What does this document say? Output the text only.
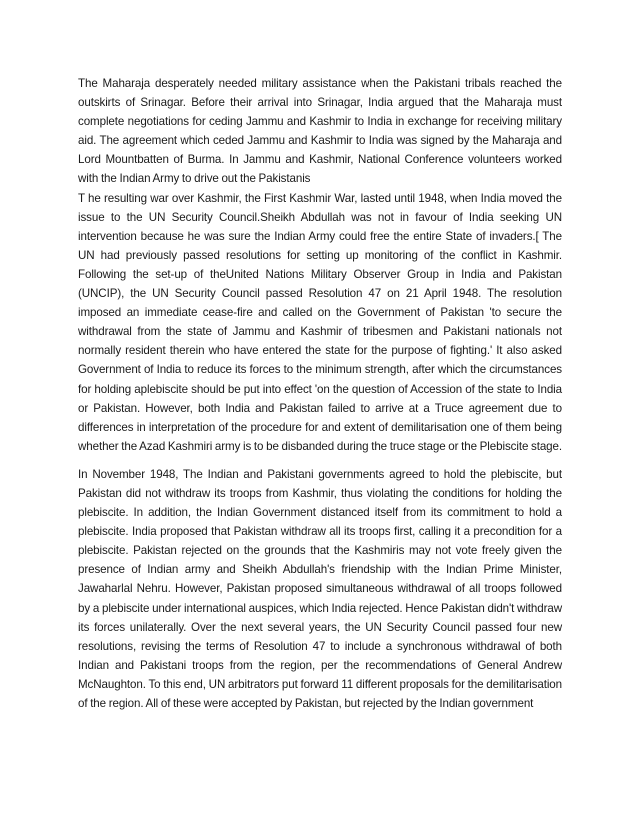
The Maharaja desperately needed military assistance when the Pakistani tribals reached the outskirts of Srinagar. Before their arrival into Srinagar, India argued that the Maharaja must complete negotiations for ceding Jammu and Kashmir to India in exchange for receiving military aid. The agreement which ceded Jammu and Kashmir to India was signed by the Maharaja and Lord Mountbatten of Burma. In Jammu and Kashmir, National Conference volunteers worked with the Indian Army to drive out the Pakistanis

T he resulting war over Kashmir, the First Kashmir War, lasted until 1948, when India moved the issue to the UN Security Council.Sheikh Abdullah was not in favour of India seeking UN intervention because he was sure the Indian Army could free the entire State of invaders.[ The UN had previously passed resolutions for setting up monitoring of the conflict in Kashmir. Following the set-up of theUnited Nations Military Observer Group in India and Pakistan (UNCIP), the UN Security Council passed Resolution 47 on 21 April 1948. The resolution imposed an immediate cease-fire and called on the Government of Pakistan 'to secure the withdrawal from the state of Jammu and Kashmir of tribesmen and Pakistani nationals not normally resident therein who have entered the state for the purpose of fighting.' It also asked Government of India to reduce its forces to the minimum strength, after which the circumstances for holding aplebiscite should be put into effect 'on the question of Accession of the state to India or Pakistan. However, both India and Pakistan failed to arrive at a Truce agreement due to differences in interpretation of the procedure for and extent of demilitarisation one of them being whether the Azad Kashmiri army is to be disbanded during the truce stage or the Plebiscite stage.

In November 1948, The Indian and Pakistani governments agreed to hold the plebiscite, but Pakistan did not withdraw its troops from Kashmir, thus violating the conditions for holding the plebiscite. In addition, the Indian Government distanced itself from its commitment to hold a plebiscite. India proposed that Pakistan withdraw all its troops first, calling it a precondition for a plebiscite. Pakistan rejected on the grounds that the Kashmiris may not vote freely given the presence of Indian army and Sheikh Abdullah's friendship with the Indian Prime Minister, Jawaharlal Nehru. However, Pakistan proposed simultaneous withdrawal of all troops followed by a plebiscite under international auspices, which India rejected. Hence Pakistan didn't withdraw its forces unilaterally. Over the next several years, the UN Security Council passed four new resolutions, revising the terms of Resolution 47 to include a synchronous withdrawal of both Indian and Pakistani troops from the region, per the recommendations of General Andrew McNaughton. To this end, UN arbitrators put forward 11 different proposals for the demilitarisation of the region. All of these were accepted by Pakistan, but rejected by the Indian government
